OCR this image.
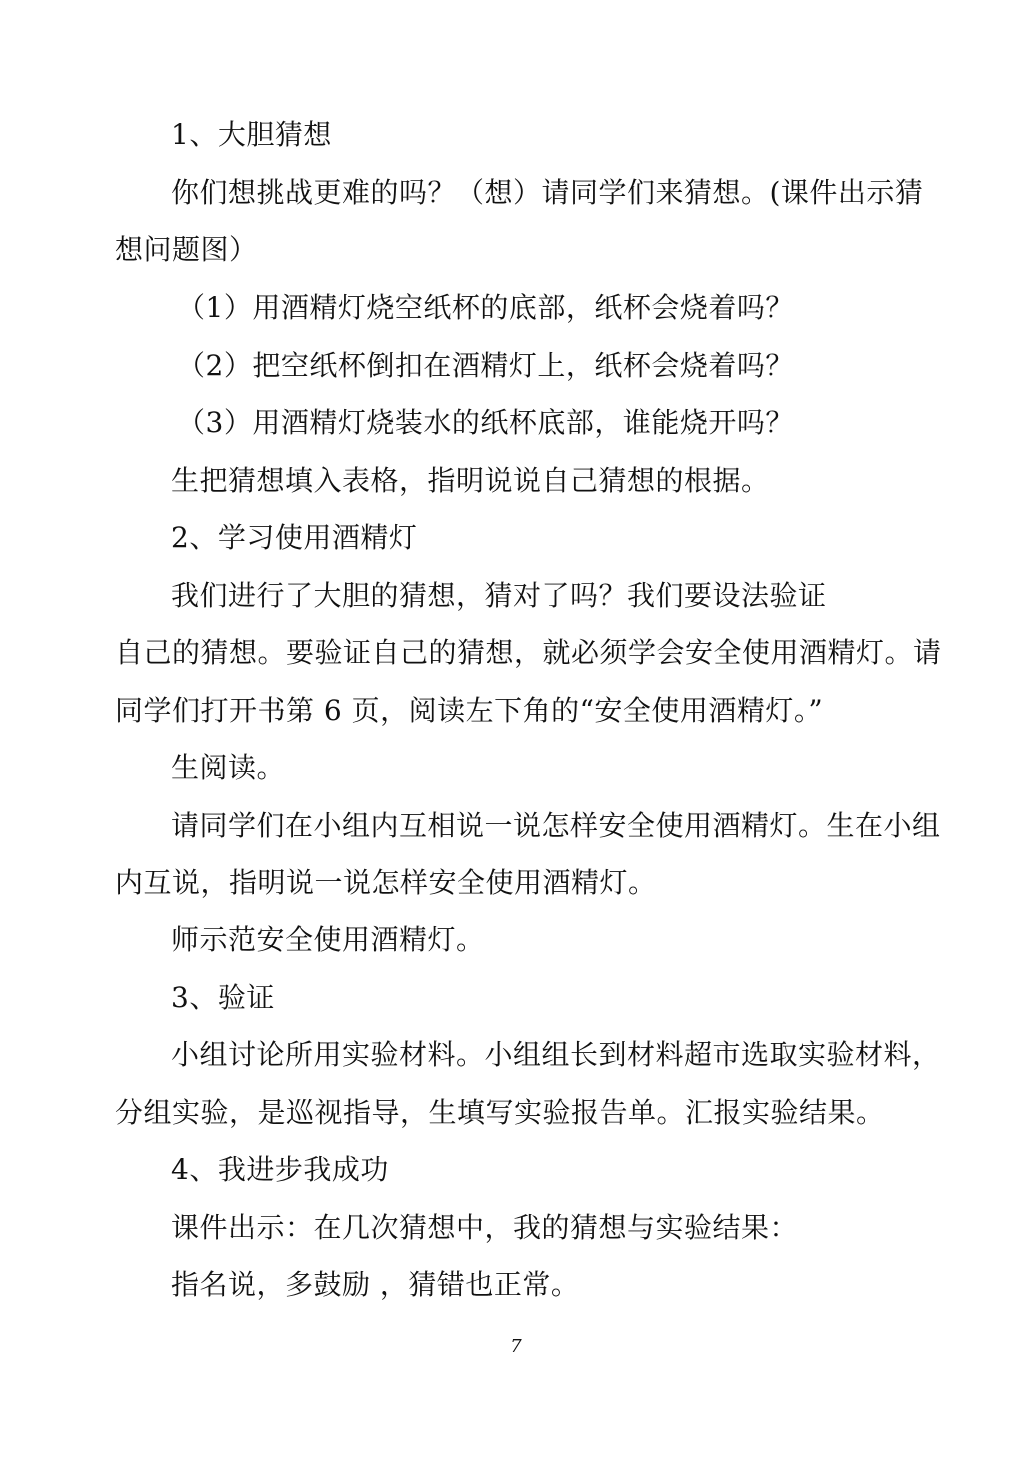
1、大胆猜想
你们想挑战更难的吗？（想）请同学们来猜想。(课件出示猜
想问题图）
（1）用酒精灯烧空纸杯的底部，纸杯会烧着吗？
（2）把空纸杯倒扣在酒精灯上，纸杯会烧着吗？
（3）用酒精灯烧装水的纸杯底部，谁能烧开吗？
生把猜想填入表格，指明说说自己猜想的根据。
2、学习使用酒精灯
我们进行了大胆的猜想，猜对了吗？我们要设法验证
自己的猜想。要验证自己的猜想，就必须学会安全使用酒精灯。请
同学们打开书第 6 页，阅读左下角的“安全使用酒精灯。”
生阅读。
请同学们在小组内互相说一说怎样安全使用酒精灯。生在小组
内互说，指明说一说怎样安全使用酒精灯。
师示范安全使用酒精灯。
3、验证
小组讨论所用实验材料。小组组长到材料超市选取实验材料，
分组实验，是巡视指导，生填写实验报告单。汇报实验结果。
4、我进步我成功
课件出示：在几次猜想中，我的猜想与实验结果：
指名说，多鼓励 ，猜错也正常。
7
